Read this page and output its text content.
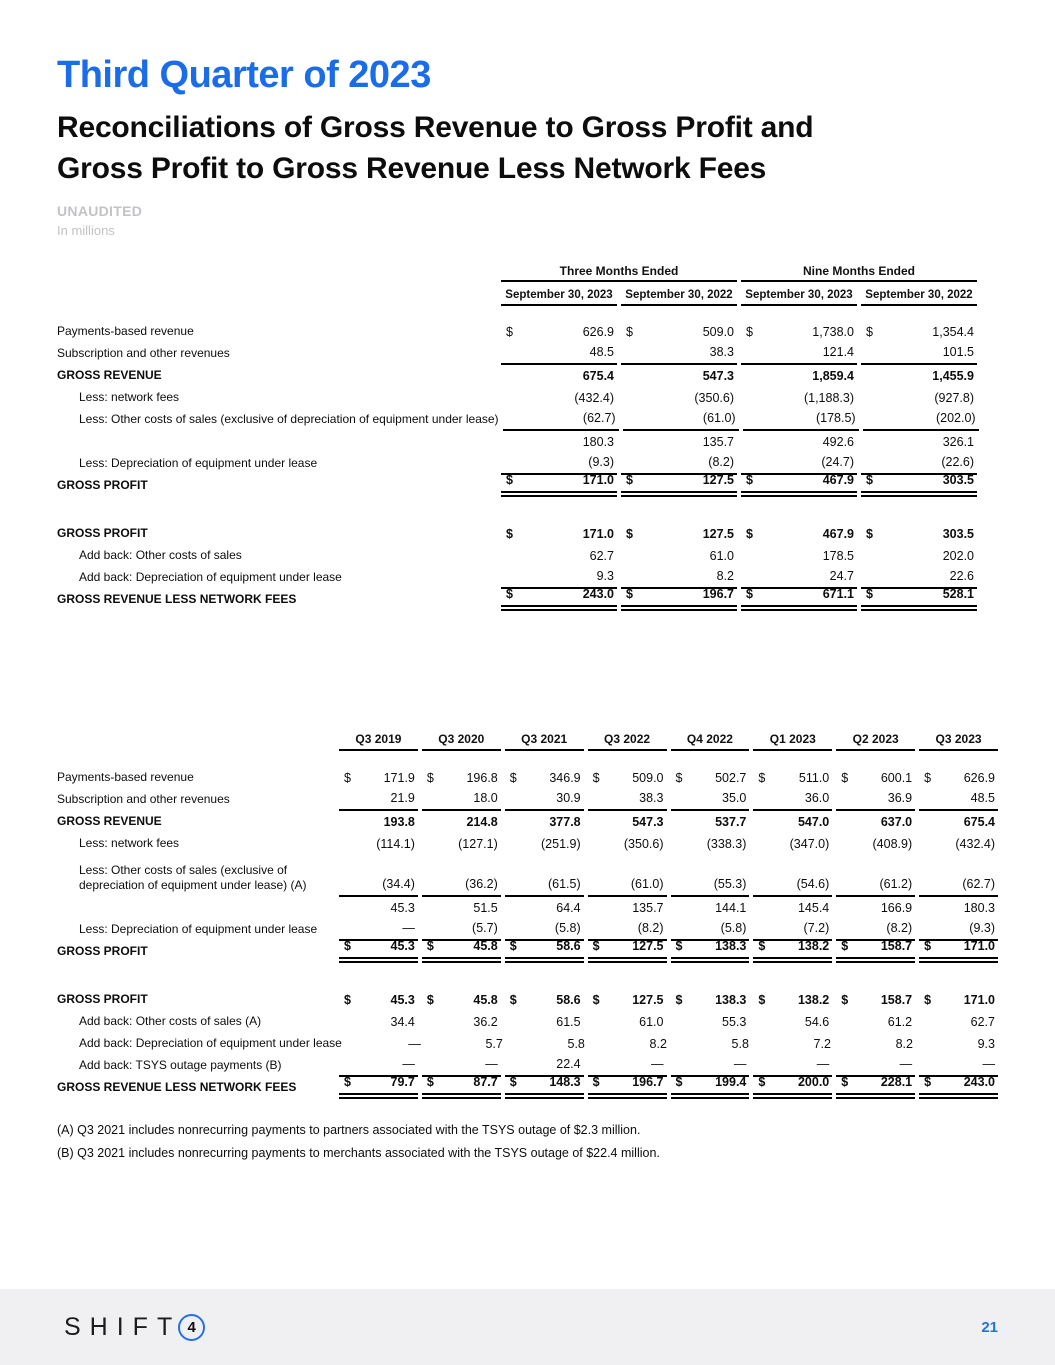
Third Quarter of 2023
Reconciliations of Gross Revenue to Gross Profit and
Gross Profit to Gross Revenue Less Network Fees
UNAUDITED
In millions
Three Months Ended	Nine Months Ended
September 30, 2023	September 30, 2022	September 30, 2023	September 30, 2022
Payments-based revenue	$	626.9 $	509.0 $	1,738.0 $	1,354.4
Subscription and other revenues	48.5	38.3	121.4	101.5
GROSS REVENUE	675.4	547.3	1,859.4	1,455.9
Less: network fees	(432.4)	(350.6)	(1,188.3)	(927.8)
Less: Other costs of sales (exclusive of depreciation of equipment under lease)	(62.7)	(61.0)	(178.5)	(202.0)
180.3	135.7	492.6	326.1
Less: Depreciation of equipment under lease	(9.3)	(8.2)	(24.7)	(22.6)
GROSS PROFIT	$	171.0 $	127.5 $	467.9 $	303.5
GROSS PROFIT	$	171.0 $	127.5 $	467.9 $	303.5
Add back: Other costs of sales	62.7	61.0	178.5	202.0
Add back: Depreciation of equipment under lease	9.3	8.2	24.7	22.6
GROSS REVENUE LESS NETWORK FEES	$	243.0 $	196.7 $	671.1 $	528.1
Q3 2019	Q3 2020	Q3 2021	Q3 2022	Q4 2022	Q1 2023	Q2 2023	Q3 2023
Payments-based revenue	$	171.9 $	196.8 $	346.9 $	509.0 $	502.7 $	511.0 $	600.1 $	626.9
Subscription and other revenues	21.9	18.0	30.9	38.3	35.0	36.0	36.9	48.5
GROSS REVENUE	193.8	214.8	377.8	547.3	537.7	547.0	637.0	675.4
Less: network fees	(114.1)	(127.1)	(251.9)	(350.6)	(338.3)	(347.0)	(408.9)	(432.4)
Less: Other costs of sales (exclusive of depreciation of equipment under lease) (A)	(34.4)	(36.2)	(61.5)	(61.0)	(55.3)	(54.6)	(61.2)	(62.7)
45.3	51.5	64.4	135.7	144.1	145.4	166.9	180.3
Less: Depreciation of equipment under lease	—	(5.7)	(5.8)	(8.2)	(5.8)	(7.2)	(8.2)	(9.3)
GROSS PROFIT	$	45.3 $	45.8 $	58.6 $	127.5 $	138.3 $	138.2 $	158.7 $	171.0
GROSS PROFIT	$	45.3 $	45.8 $	58.6 $	127.5 $	138.3 $	138.2 $	158.7 $	171.0
Add back: Other costs of sales (A)	34.4	36.2	61.5	61.0	55.3	54.6	61.2	62.7
Add back: Depreciation of equipment under lease	—	5.7	5.8	8.2	5.8	7.2	8.2	9.3
Add back: TSYS outage payments (B)	—	—	22.4	—	—	—	—	—
GROSS REVENUE LESS NETWORK FEES	$	79.7 $	87.7 $	148.3 $	196.7 $	199.4 $	200.0 $	228.1 $	243.0
(A) Q3 2021 includes nonrecurring payments to partners associated with the TSYS outage of $2.3 million.
(B) Q3 2021 includes nonrecurring payments to merchants associated with the TSYS outage of $22.4 million.
SHIFT 4	21
